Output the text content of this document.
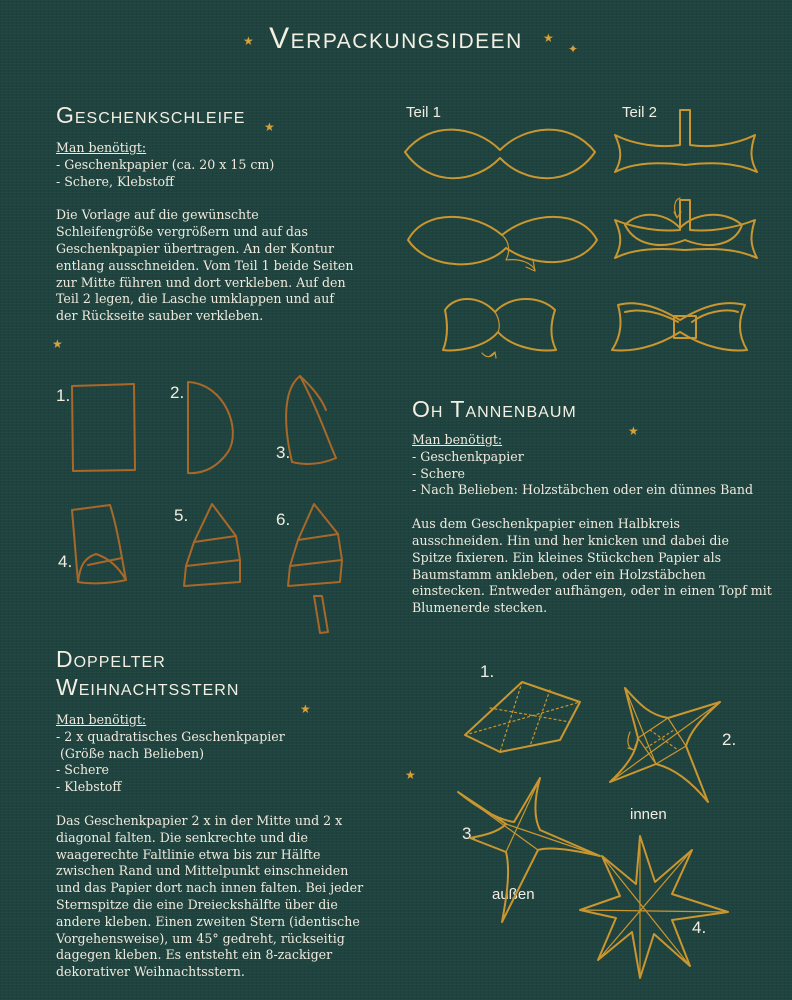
★ Verpackungsideen	★
✦
Geschenkschleife ★
Man benötigt:
- Geschenkpapier (ca. 20 x 15 cm)
- Schere, Klebstoff

Die Vorlage auf die gewünschte Schleifengröße vergrößern und auf das Geschenkpapier übertragen. An der Kontur entlang ausschneiden. Vom Teil 1 beide Seiten zur Mitte führen und dort verkleben. Auf den Teil 2 legen, die Lasche umklappen und auf der Rückseite sauber verkleben.

★
Teil 1	Teil 2
1.	2.
3.
4.
5.	6.
Oh Tannenbaum
★
Man benötigt:
- Geschenkpapier
- Schere
- Nach Belieben: Holzstäbchen oder ein dünnes Band

Aus dem Geschenkpapier einen Halbkreis ausschneiden. Hin und her knicken und dabei die Spitze fixieren. Ein kleines Stückchen Papier als Baumstamm ankleben, oder ein Holzstäbchen einstecken. Entweder aufhängen, oder in einen Topf mit Blumenerde stecken.

Doppelter
Weihnachtsstern
★
Man benötigt:
- 2 x quadratisches Geschenkpapier
(Größe nach Belieben)
- Schere
- Klebstoff

Das Geschenkpapier 2 x in der Mitte und 2 x diagonal falten. Die senkrechte und die waagerechte Faltlinie etwa bis zur Hälfte zwischen Rand und Mittelpunkt einschneiden und das Papier dort nach innen falten. Bei jeder Sternspitze die eine Dreieckshälfte über die andere kleben. Einen zweiten Stern (identische Vorgehensweise), um 45° gedreht, rückseitig dagegen kleben. Es entsteht ein 8-zackiger dekorativer Weihnachtsstern.

★
1.
2.
3.
4.
innen
außen
